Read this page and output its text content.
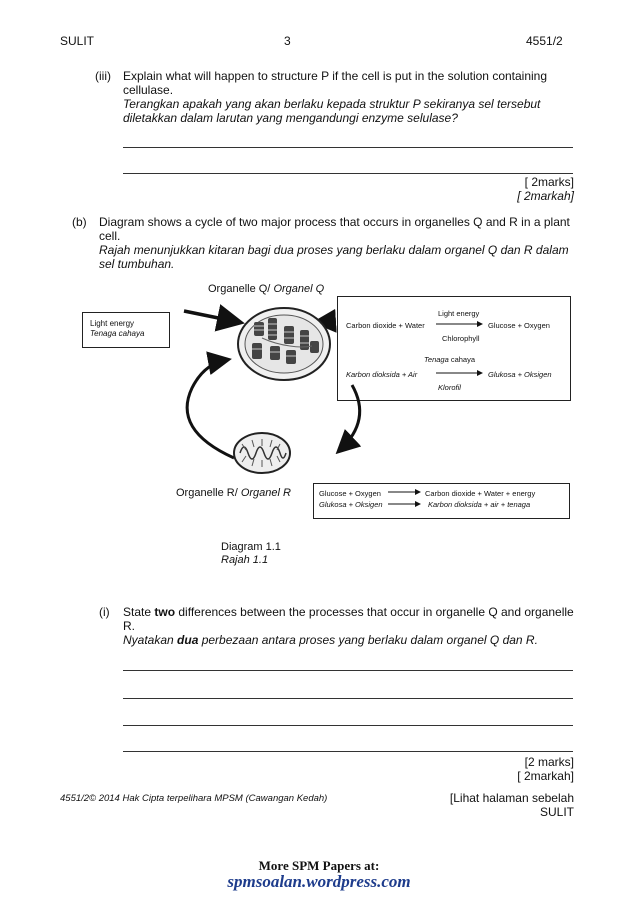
SULIT	3	4551/2
(iii) Explain what will happen to structure P if the cell is put in the solution containing
cellulase.
Terangkan apakah yang akan berlaku kepada struktur P sekiranya sel tersebut
diletakkan dalam larutan yang mengandungi enzyme selulase?
[ 2marks]
[ 2markah]
(b) Diagram shows a cycle of two major process that occurs in organelles Q and R in a plant
cell.
Rajah menunjukkan kitaran bagi dua proses yang berlaku dalam organel Q dan R dalam
sel tumbuhan.
Organelle Q/ Organel Q
Light energy
Tenaga cahaya
Light energy
Carbon dioxide + Water	Glucose + Oxygen
Chlorophyll
Tenaga cahaya
Karbon dioksida + Air	Glukosa + Oksigen
Klorofil
Organelle R/ Organel R	Glucose + Oxygen	Carbon dioxide + Water + energy
Glukosa + Oksigen	Karbon dioksida + air + tenaga
Diagram 1.1
Rajah 1.1
(i) State two differences between the processes that occur in organelle Q and organelle
R.
Nyatakan dua perbezaan antara proses yang berlaku dalam organel Q dan R.
[2 marks]
[ 2markah]
4551/2© 2014 Hak Cipta terpelihara MPSM (Cawangan Kedah)	[Lihat halaman sebelah
SULIT
More SPM Papers at:
spmsoalan.wordpress.com
